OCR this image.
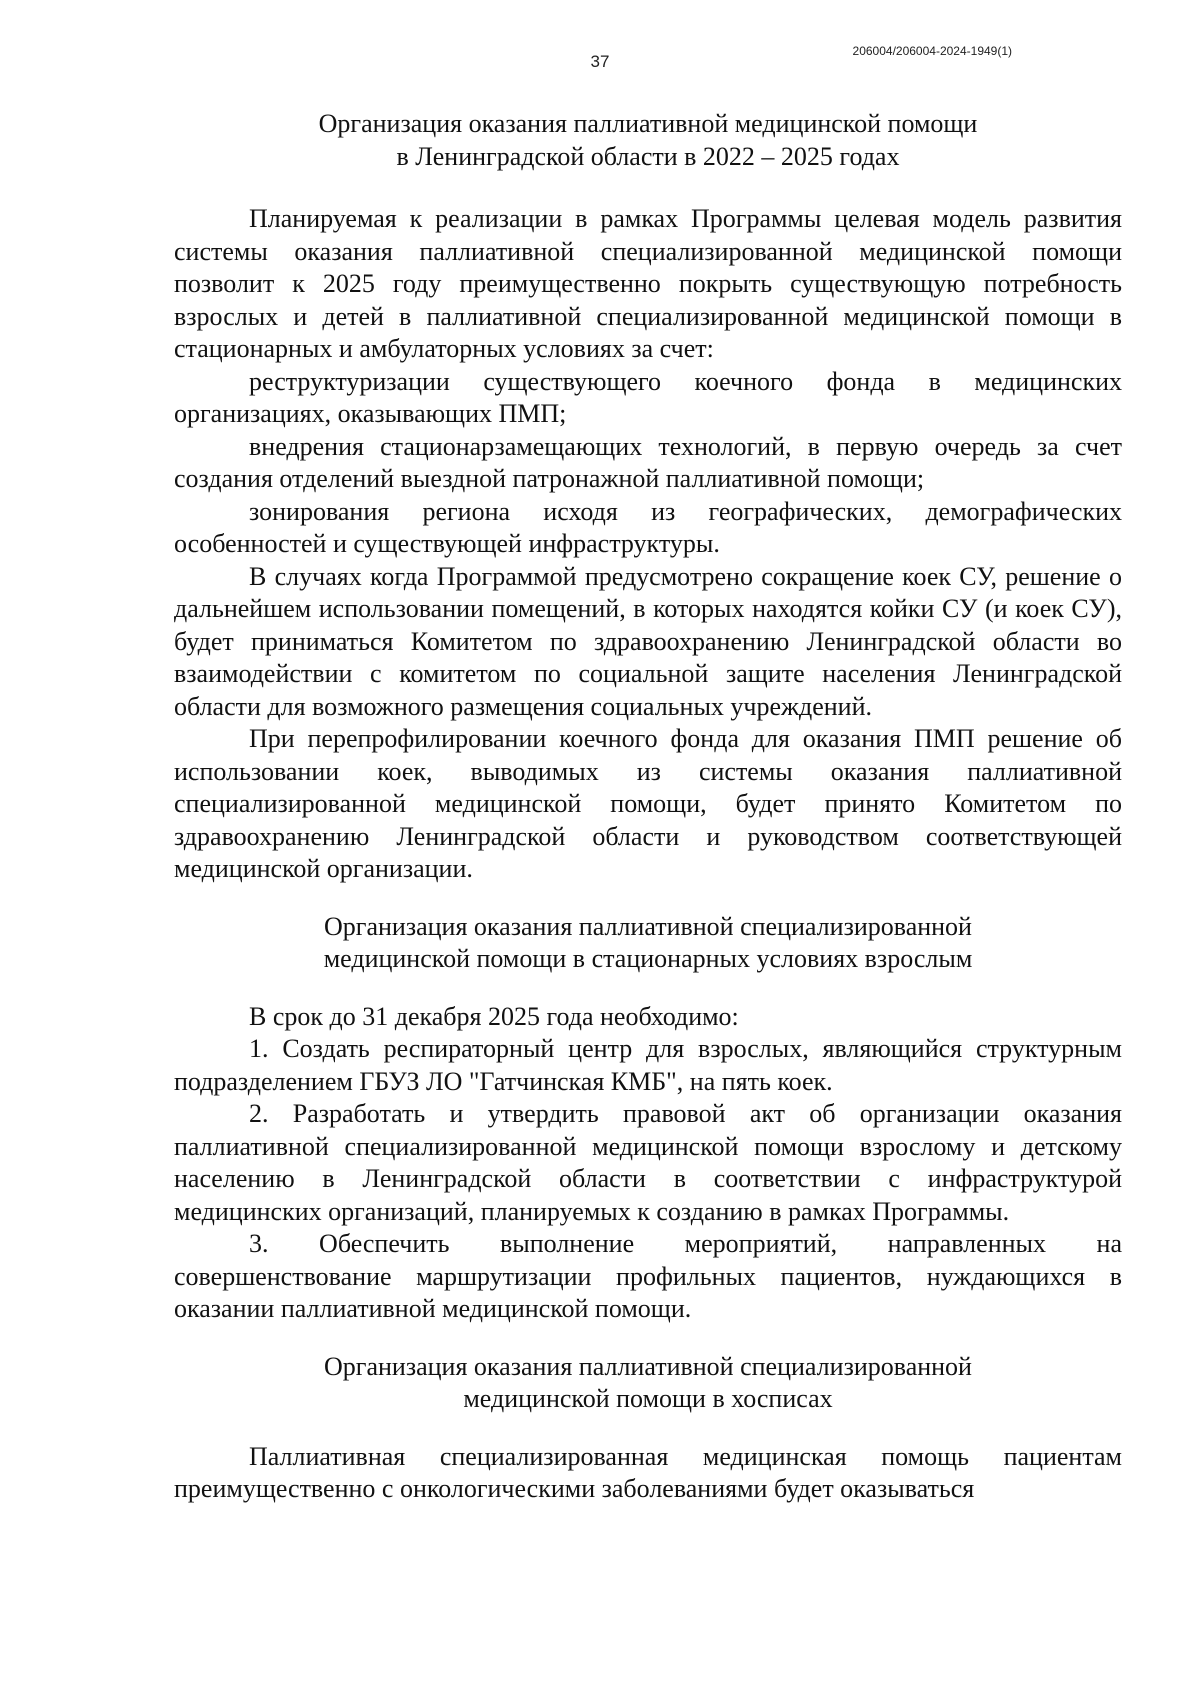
206004/206004-2024-1949(1)
37
Организация оказания паллиативной медицинской помощи
в Ленинградской области в 2022 – 2025 годах

Планируемая к реализации в рамках Программы целевая модель развития системы оказания паллиативной специализированной медицинской помощи позволит к 2025 году преимущественно покрыть существующую потребность взрослых и детей в паллиативной специализированной медицинской помощи в стационарных и амбулаторных условиях за счет:

реструктуризации существующего коечного фонда в медицинских организациях, оказывающих ПМП;

внедрения стационарзамещающих технологий, в первую очередь за счет создания отделений выездной патронажной паллиативной помощи;

зонирования региона исходя из географических, демографических особенностей и существующей инфраструктуры.

В случаях когда Программой предусмотрено сокращение коек СУ, решение о дальнейшем использовании помещений, в которых находятся койки СУ (и коек СУ), будет приниматься Комитетом по здравоохранению Ленинградской области во взаимодействии с комитетом по социальной защите населения Ленинградской области для возможного размещения социальных учреждений.

При перепрофилировании коечного фонда для оказания ПМП решение об использовании коек, выводимых из системы оказания паллиативной специализированной медицинской помощи, будет принято Комитетом по здравоохранению Ленинградской области и руководством соответствующей медицинской организации.

Организация оказания паллиативной специализированной
медицинской помощи в стационарных условиях взрослым

В срок до 31 декабря 2025 года необходимо:

1. Создать респираторный центр для взрослых, являющийся структурным подразделением ГБУЗ ЛО "Гатчинская КМБ", на пять коек.

2. Разработать и утвердить правовой акт об организации оказания паллиативной специализированной медицинской помощи взрослому и детскому населению в Ленинградской области в соответствии с инфраструктурой медицинских организаций, планируемых к созданию в рамках Программы.

3. Обеспечить выполнение мероприятий, направленных на совершенствование маршрутизации профильных пациентов, нуждающихся в оказании паллиативной медицинской помощи.

Организация оказания паллиативной специализированной
медицинской помощи в хосписах

Паллиативная специализированная медицинская помощь пациентам преимущественно с онкологическими заболеваниями будет оказываться
